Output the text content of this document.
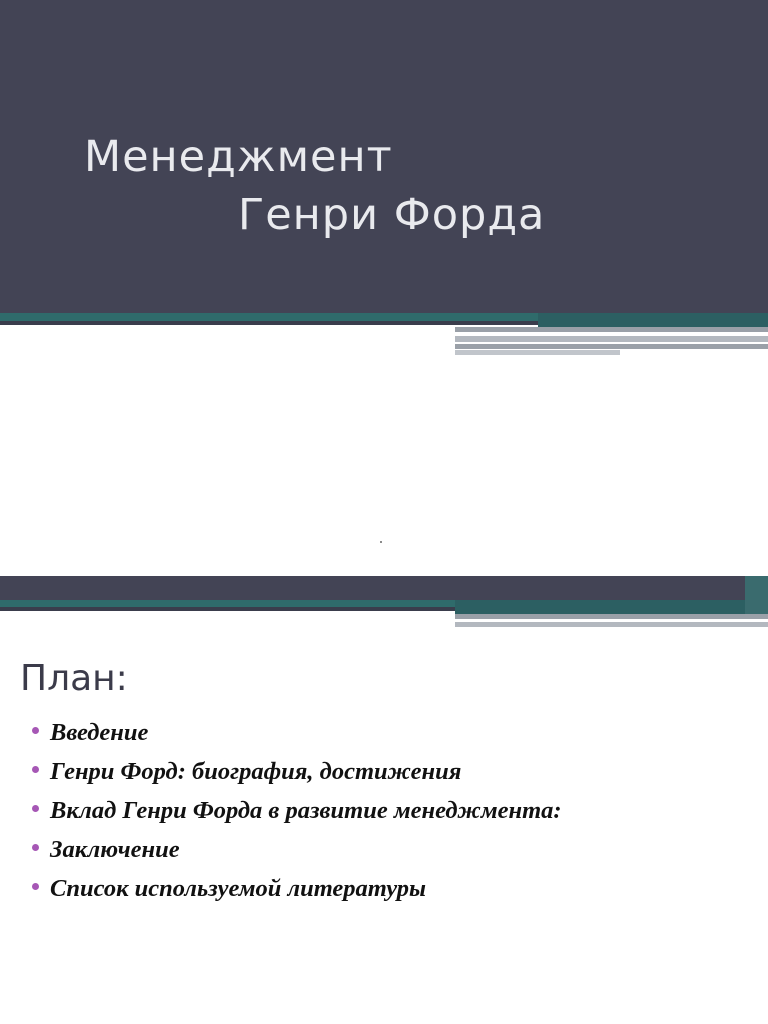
Менеджмент
Генри Форда
План:
Введение
Генри Форд: биография, достижения
Вклад Генри Форда в развитие менеджмента:
Заключение
Список используемой литературы
